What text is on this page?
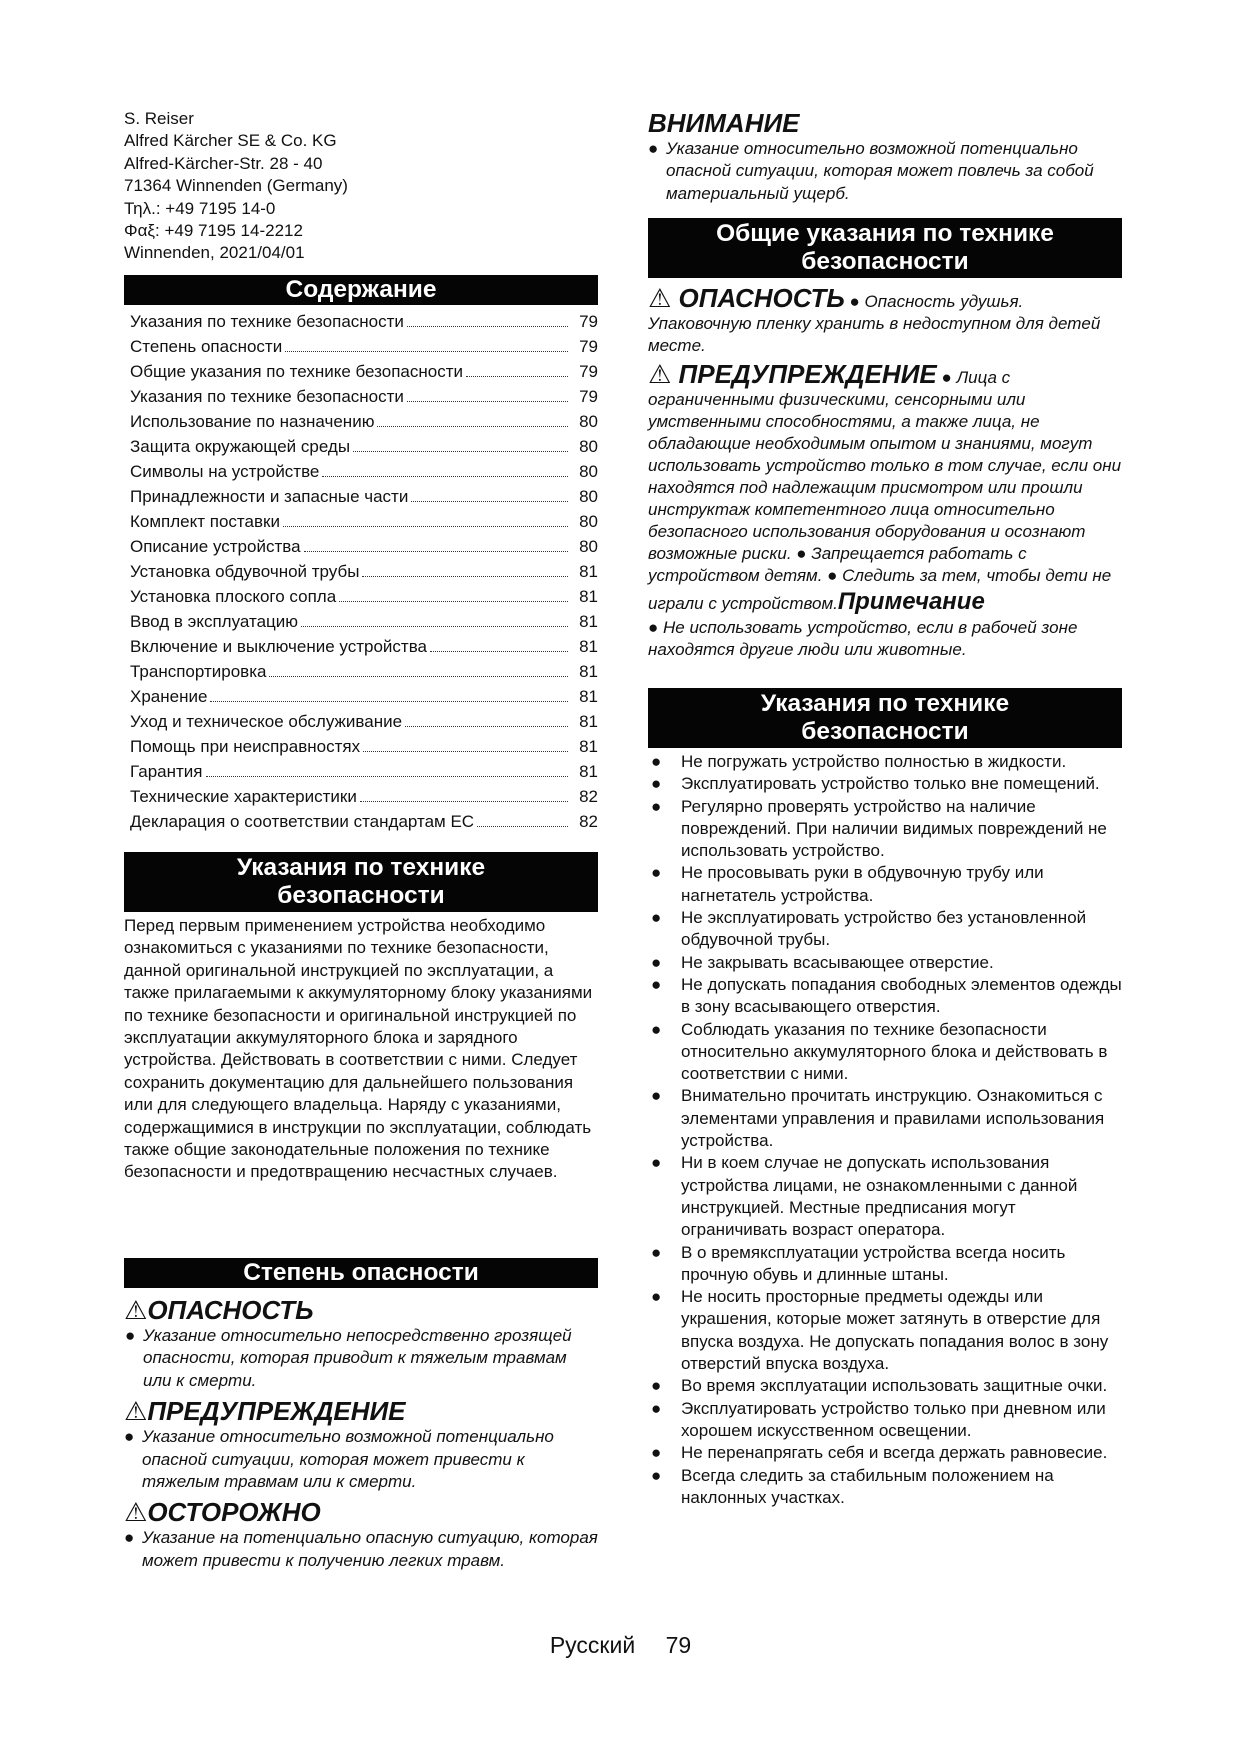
S. Reiser
Alfred Kärcher SE & Co. KG
Alfred-Kärcher-Str. 28 - 40
71364 Winnenden (Germany)
Τηλ.: +49 7195 14-0
Φαξ: +49 7195 14-2212
Winnenden, 2021/04/01
Содержание
Указания по технике безопасности	79
Степень опасности	79
Общие указания по технике безопасности	79
Указания по технике безопасности	79
Использование по назначению	80
Защита окружающей среды	80
Символы на устройстве	80
Принадлежности и запасные части	80
Комплект поставки	80
Описание устройства	80
Установка обдувочной трубы	81
Установка плоского сопла	81
Ввод в эксплуатацию	81
Включение и выключение устройства	81
Транспортировка	81
Хранение	81
Уход и техническое обслуживание	81
Помощь при неисправностях	81
Гарантия	81
Технические характеристики	82
Декларация о соответствии стандартам ЕС	82
Указания по технике
безопасности
Перед первым применением устройства необходимо ознакомиться с указаниями по технике безопасности, данной оригинальной инструкцией по эксплуатации, а также прилагаемыми к аккумуляторному блоку указаниями по технике безопасности и оригинальной инструкцией по эксплуатации аккумуляторного блока и зарядного устройства. Действовать в соответствии с ними. Следует сохранить документацию для дальнейшего пользования или для следующего владельца. Наряду с указаниями, содержащимися в инструкции по эксплуатации, соблюдать также общие законодательные положения по технике безопасности и предотвращению несчастных случаев.
Степень опасности
⚠ОПАСНОСТЬ
● Указание относительно непосредственно грозящей опасности, которая приводит к тяжелым травмам или к смерти.
⚠ПРЕДУПРЕЖДЕНИЕ
● Указание относительно возможной потенциально опасной ситуации, которая может привести к тяжелым травмам или к смерти.
⚠ОСТОРОЖНО
● Указание на потенциально опасную ситуацию, которая может привести к получению легких травм.
ВНИМАНИЕ
● Указание относительно возможной потенциально опасной ситуации, которая может повлечь за собой материальный ущерб.
Общие указания по технике
безопасности
⚠ ОПАСНОСТЬ ● Опасность удушья.
Упаковочную пленку хранить в недоступном для детей месте.
⚠ ПРЕДУПРЕЖДЕНИЕ ● Лица с
ограниченными физическими, сенсорными или умственными способностями, а также лица, не обладающие необходимым опытом и знаниями, могут использовать устройство только в том случае, если они находятся под надлежащим присмотром или прошли инструктаж компетентного лица относительно безопасного использования оборудования и осознают возможные риски. ● Запрещается работать с устройством детям. ● Следить за тем, чтобы дети не играли с устройством.Примечание
● Не использовать устройство, если в рабочей зоне находятся другие люди или животные.
Указания по технике
безопасности
●	Не погружать устройство полностью в жидкости.
●	Эксплуатировать устройство только вне помещений.
●	Регулярно проверять устройство на наличие повреждений. При наличии видимых повреждений не использовать устройство.
●	Не просовывать руки в обдувочную трубу или нагнетатель устройства.
●	Не эксплуатировать устройство без установленной обдувочной трубы.
●	Не закрывать всасывающее отверстие.
●	Не допускать попадания свободных элементов одежды в зону всасывающего отверстия.
●	Соблюдать указания по технике безопасности относительно аккумуляторного блока и действовать в соответствии с ними.
●	Внимательно прочитать инструкцию. Ознакомиться с элементами управления и правилами использования устройства.
●	Ни в коем случае не допускать использования устройства лицами, не ознакомленными с данной инструкцией. Местные предписания могут ограничивать возраст оператора.
●	В о времяксплуатации устройства всегда носить прочную обувь и длинные штаны.
●	Не носить просторные предметы одежды или украшения, которые может затянуть в отверстие для впуска воздуха. Не допускать попадания волос в зону отверстий впуска воздуха.
●	Во время эксплуатации использовать защитные очки.
●	Эксплуатировать устройство только при дневном или хорошем искусственном освещении.
●	Не перенапрягать себя и всегда держать равновесие.
●	Всегда следить за стабильным положением на наклонных участках.
Русский 79
